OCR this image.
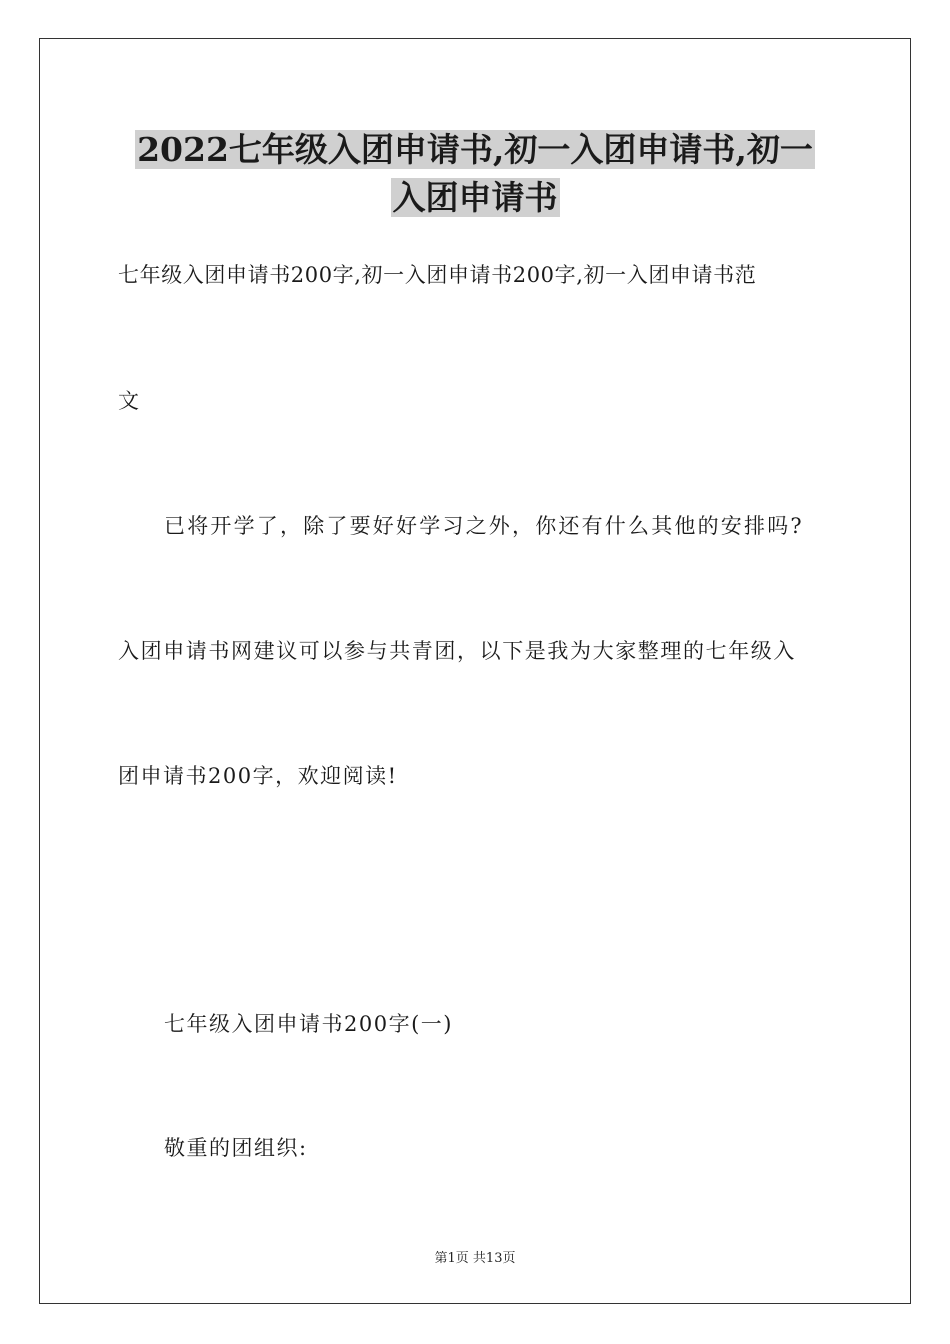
2022七年级入团申请书,初一入团申请书,初一
入团申请书
七年级入团申请书200字,初一入团申请书200字,初一入团申请书范
文
已将开学了，除了要好好学习之外，你还有什么其他的安排吗?
入团申请书网建议可以参与共青团，以下是我为大家整理的七年级入
团申请书200字，欢迎阅读!
七年级入团申请书200字(一)
敬重的团组织:
第1页 共13页
